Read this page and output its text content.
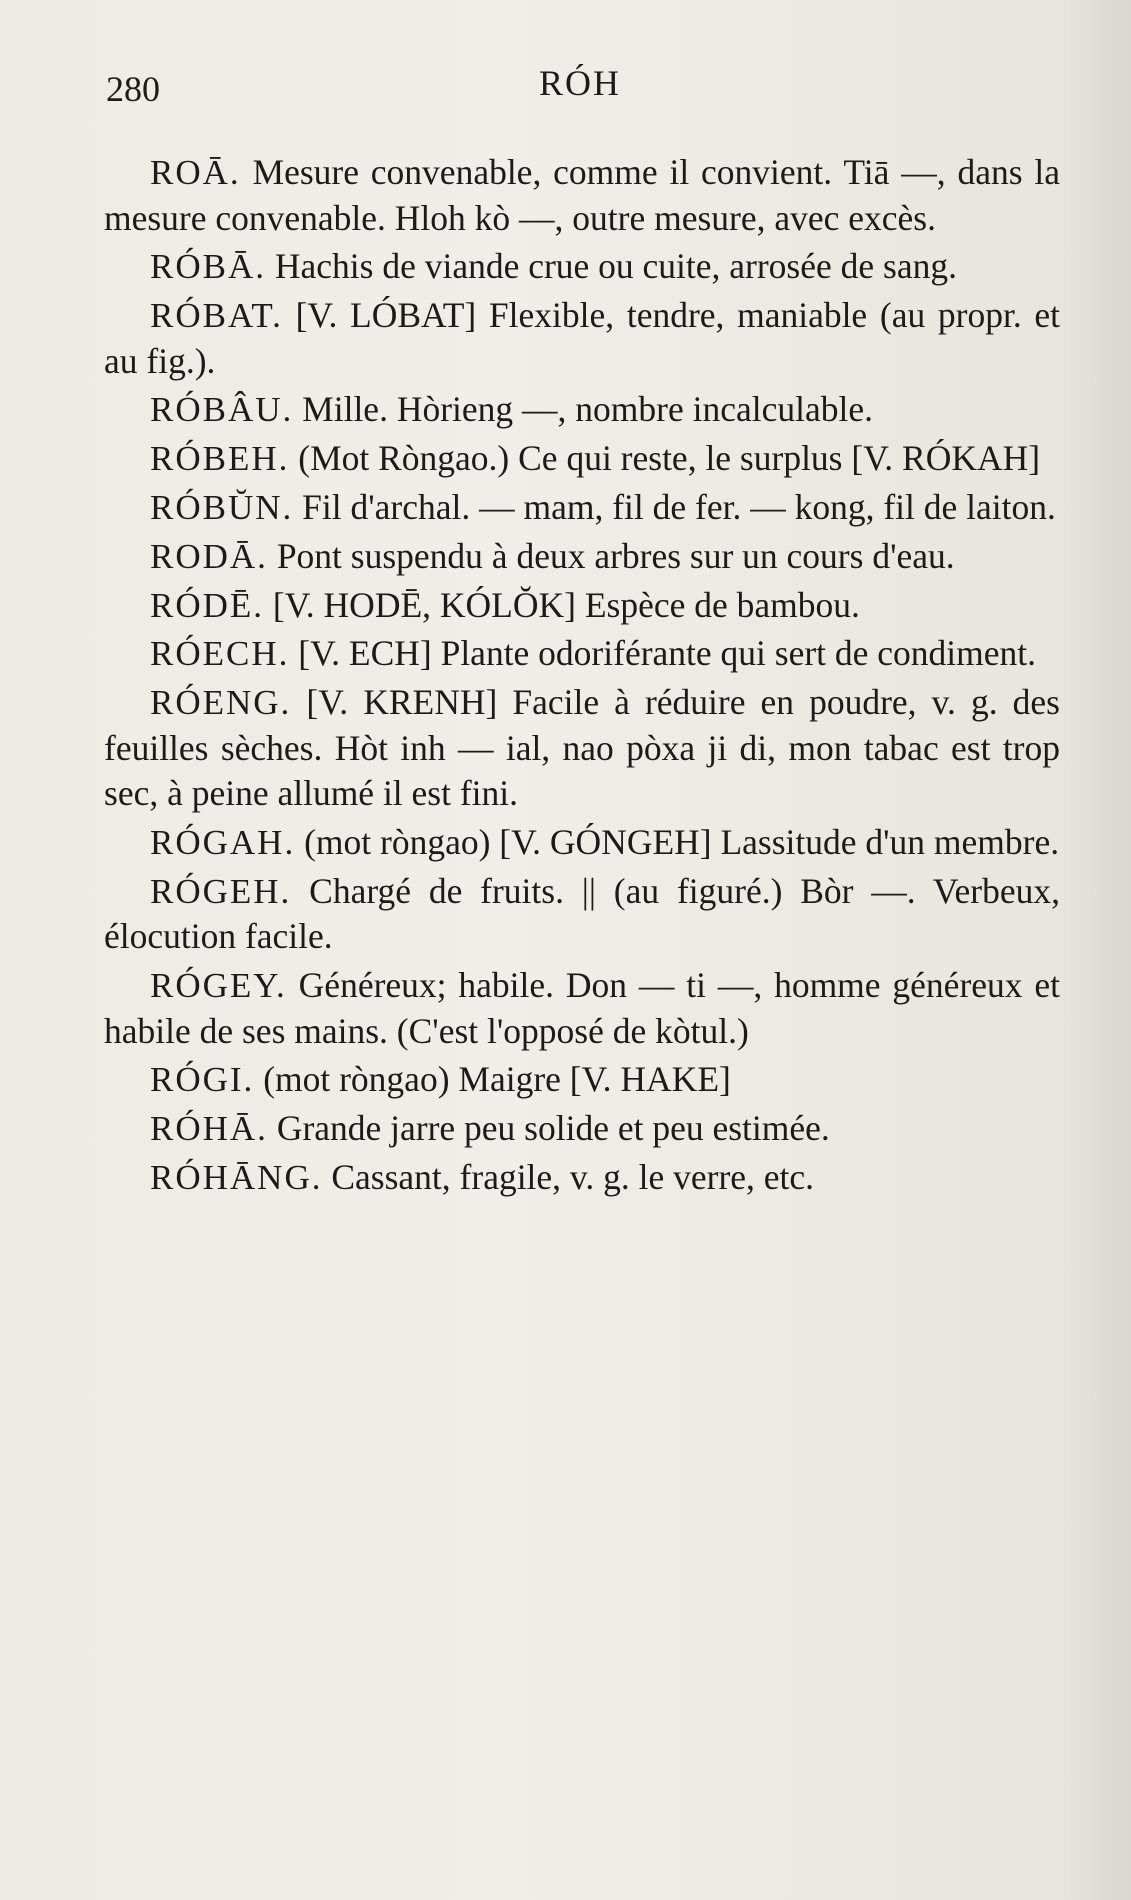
280	RÓH

ROĀ. Mesure convenable, comme il convient. Tiā —, dans la mesure convenable. Hloh kò —, outre mesure, avec excès.

RÓBĀ. Hachis de viande crue ou cuite, arrosée de sang.

RÓBAT. [V. LÓBAT] Flexible, tendre, maniable (au propr. et au fig.).

RÓBÂU. Mille. Hòrieng —, nombre incalculable.

RÓBEH. (Mot Ròngao.) Ce qui reste, le surplus [V. RÓKAH]

RÓBŬN. Fil d'archal. — mam, fil de fer. — kong, fil de laiton.

RODĀ. Pont suspendu à deux arbres sur un cours d'eau.

RÓDĒ. [V. HODĒ, KÓLŎK] Espèce de bambou.

RÓECH. [V. ECH] Plante odoriférante qui sert de condiment.

RÓENG. [V. KRENH] Facile à réduire en poudre, v. g. des feuilles sèches. Hòt inh — ial, nao pòxa ji di, mon tabac est trop sec, à peine allumé il est fini.

RÓGAH. (mot ròngao) [V. GÓNGEH] Lassitude d'un membre.

RÓGEH. Chargé de fruits. || (au figuré.) Bòr —. Verbeux, élocution facile.

RÓGEY. Généreux; habile. Don — ti —, homme généreux et habile de ses mains. (C'est l'opposé de kòtul.)

RÓGI. (mot ròngao) Maigre [V. HAKE]

RÓHĀ. Grande jarre peu solide et peu estimée.

RÓHĀNG. Cassant, fragile, v. g. le verre, etc.
